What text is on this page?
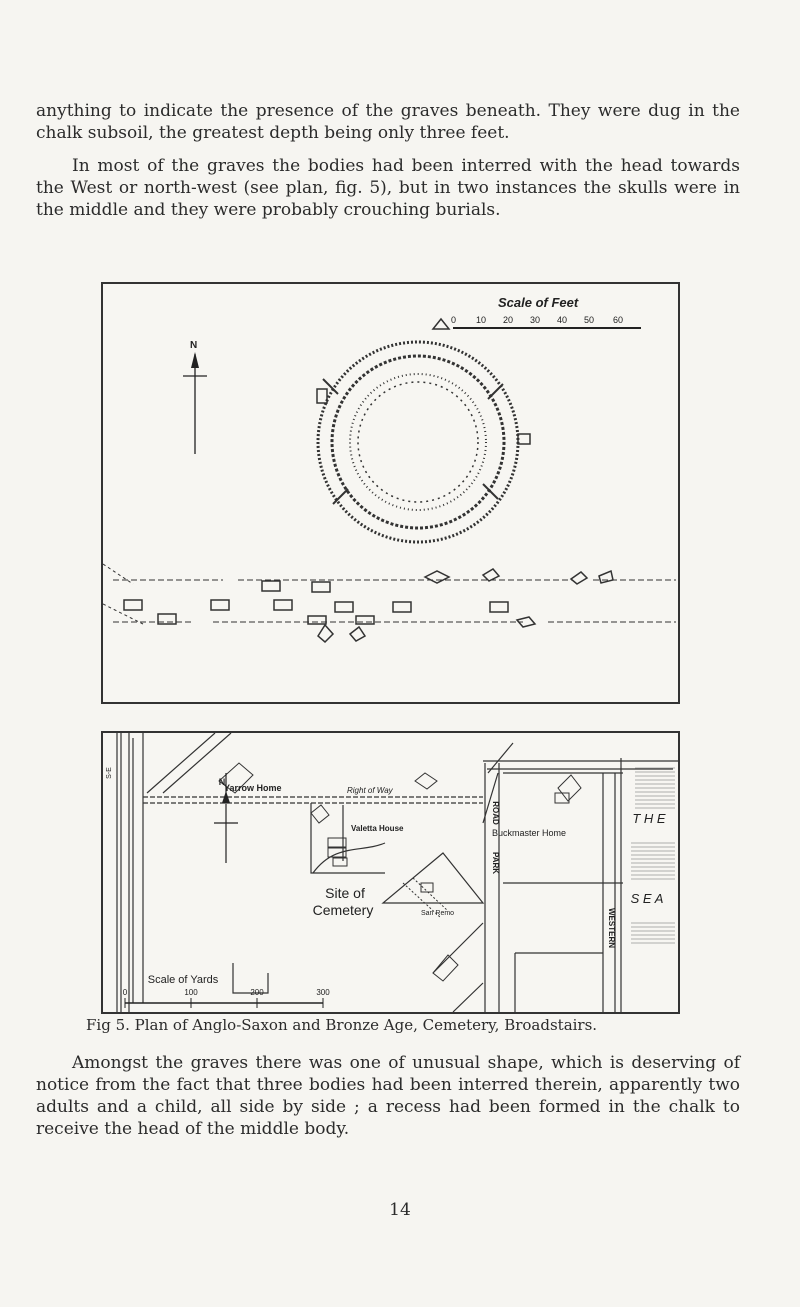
anything to indicate the presence of the graves beneath. They were dug in the chalk subsoil, the greatest depth being only three feet.

In most of the graves the bodies had been interred with the head towards the West or north-west (see plan, fig. 5), but in two instances the skulls were in the middle and they were probably crouching burials.

Scale of Feet
0 10 20 30 40 50 60
N
Yarrow Home	Right of Way
Valetta House	Buckmaster Home
Site of
Cemetery	San Remo
N
T H E
S E A
ROAD
PARK
WESTERN
S-E
Scale of Yards
0	100	200	300

Fig 5. Plan of Anglo-Saxon and Bronze Age, Cemetery, Broadstairs.

Amongst the graves there was one of unusual shape, which is deserving of notice from the fact that three bodies had been interred therein, apparently two adults and a child, all side by side ; a recess had been formed in the chalk to receive the head of the middle body.

14
